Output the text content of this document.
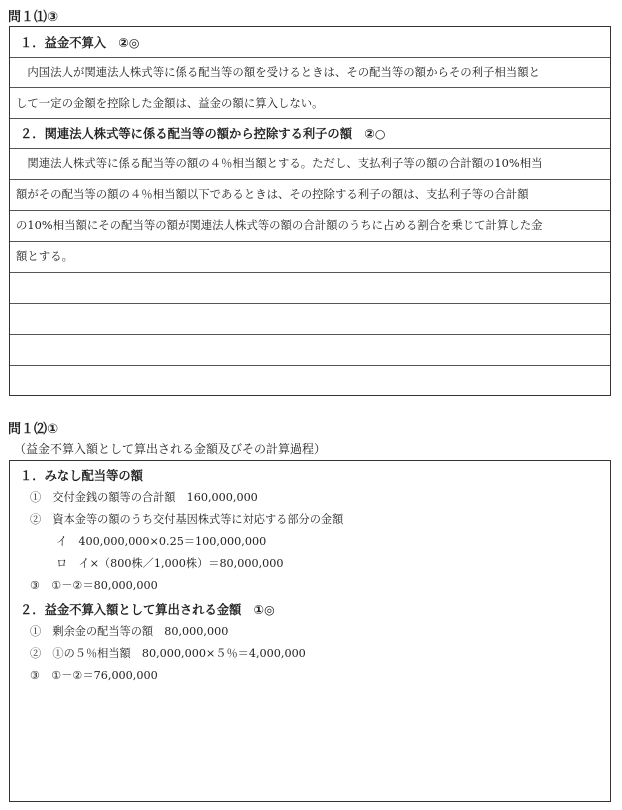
問１⑴③
１．益金不算入　②◎
　内国法人が関連法人株式等に係る配当等の額を受けるときは、その配当等の額からその利子相当額と
して一定の金額を控除した金額は、益金の額に算入しない。
２．関連法人株式等に係る配当等の額から控除する利子の額　②○
　関連法人株式等に係る配当等の額の４％相当額とする。ただし、支払利子等の額の合計額の10%相当
額がその配当等の額の４％相当額以下であるときは、その控除する利子の額は、支払利子等の合計額
の10%相当額にその配当等の額が関連法人株式等の額の合計額のうちに占める割合を乗じて計算した金
額とする。
問１⑵①
（益金不算入額として算出される金額及びその計算過程）
１．みなし配当等の額
①　交付金銭の額等の合計額　160,000,000
②　資本金等の額のうち交付基因株式等に対応する部分の金額
イ　400,000,000×0.25＝100,000,000
ロ　イ×（800株／1,000株）＝80,000,000
③　①－②＝80,000,000
２．益金不算入額として算出される金額　①◎
①　剰余金の配当等の額　80,000,000
②　①の５％相当額　80,000,000×５％＝4,000,000
③　①－②＝76,000,000
